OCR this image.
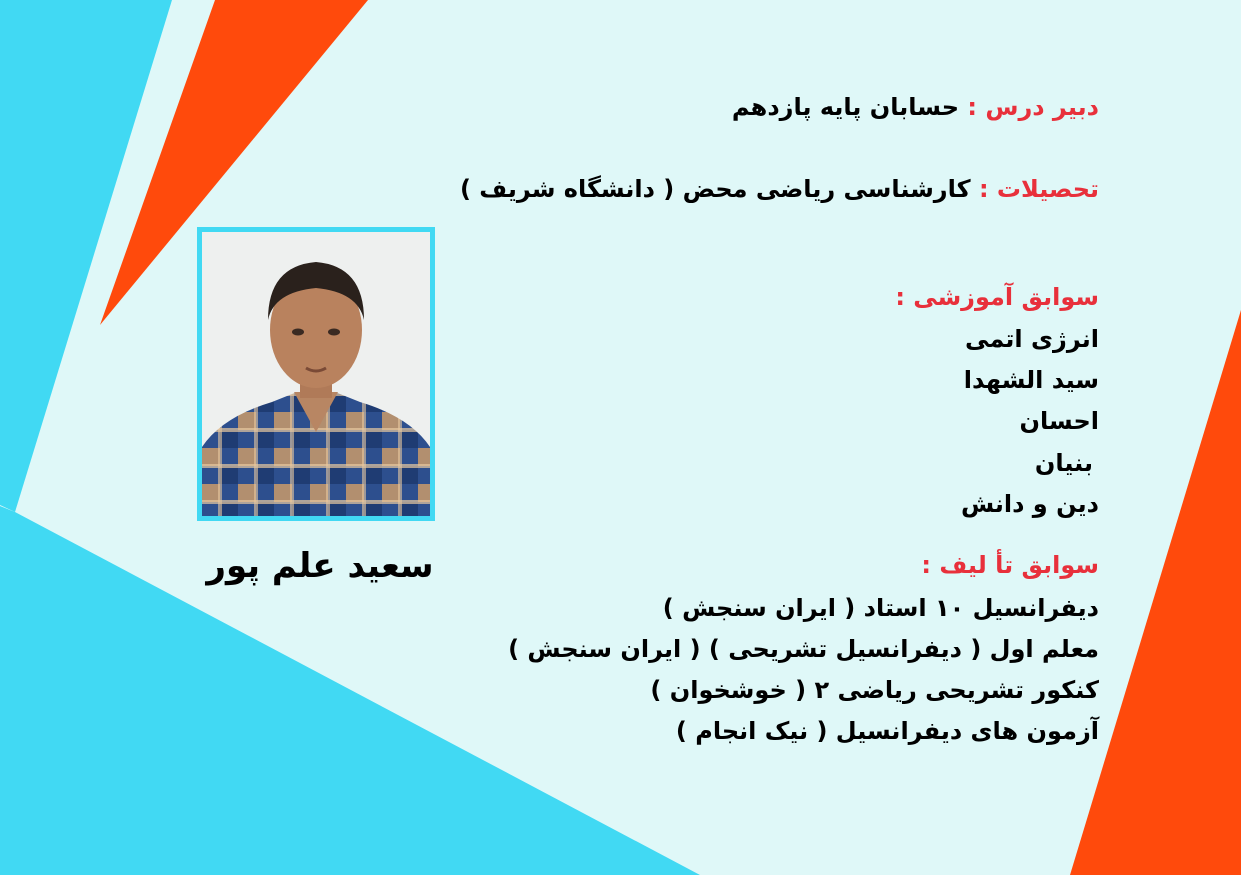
دبیر درس : حسابان پایه پازدهم
تحصیلات : کارشناسی ریاضی محض ( دانشگاه شریف )
سوابق آموزشی :
انرژی اتمی
سید الشهدا
احسان
بنیان
دین و دانش
سوابق تأ لیف :
دیفرانسیل ۱۰ استاد ( ایران سنجش )
معلم اول ( دیفرانسیل تشریحی ) ( ایران سنجش )
کنکور تشریحی ریاضی ۲ ( خوشخوان )
آزمون های دیفرانسیل ( نیک انجام )
سعید علم پور
